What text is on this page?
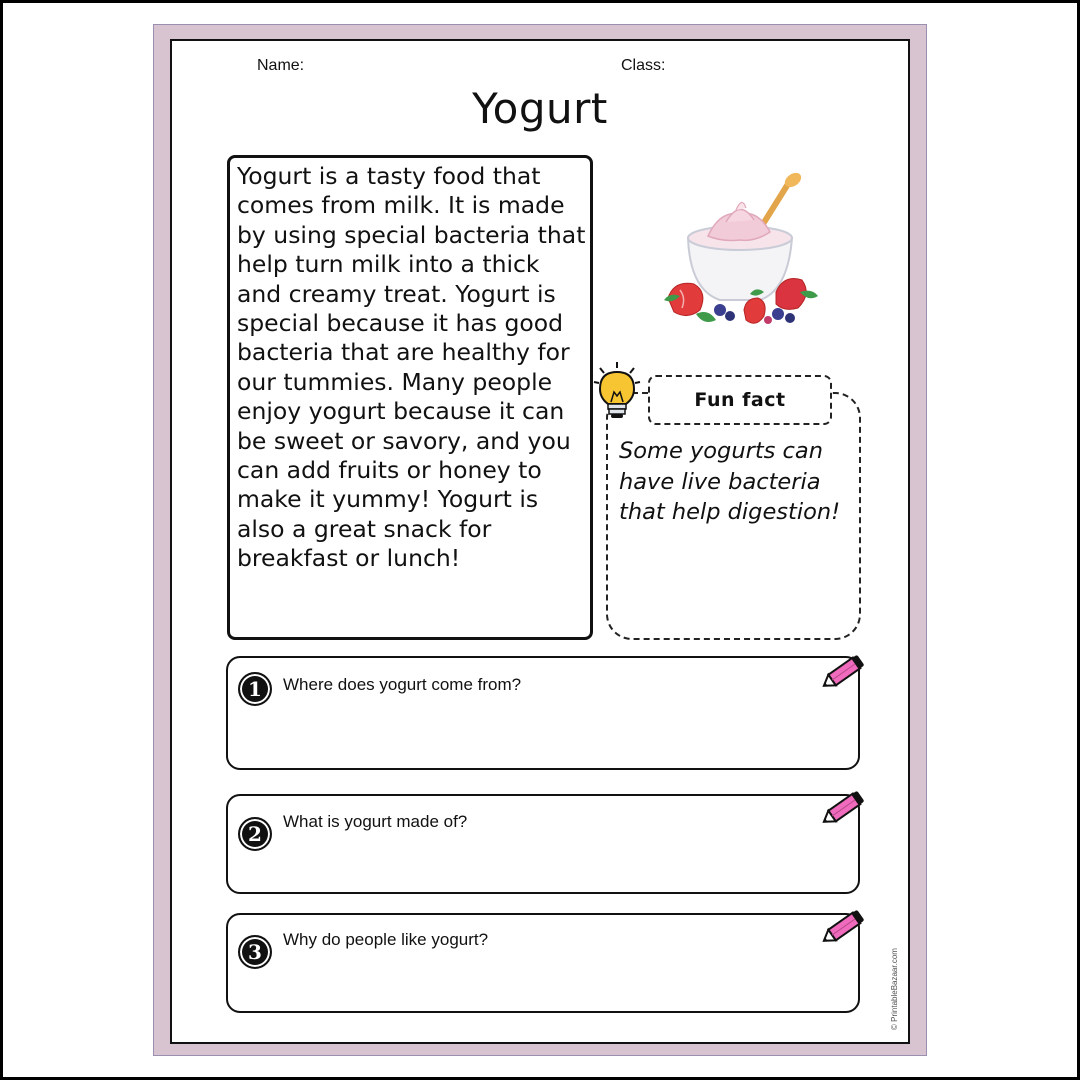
Name:	Class:
Yogurt

Yogurt is a tasty food that comes from milk. It is made by using special bacteria that help turn milk into a thick and creamy treat. Yogurt is special because it has good bacteria that are healthy for our tummies. Many people enjoy yogurt because it can be sweet or savory, and you can add fruits or honey to make it yummy! Yogurt is also a great snack for breakfast or lunch!

Fun fact

Some yogurts can have live bacteria that help digestion!

1	Where does yogurt come from?
2
What is yogurt made of?
3
Why do people like yogurt?
© PrintableBazaar.com
